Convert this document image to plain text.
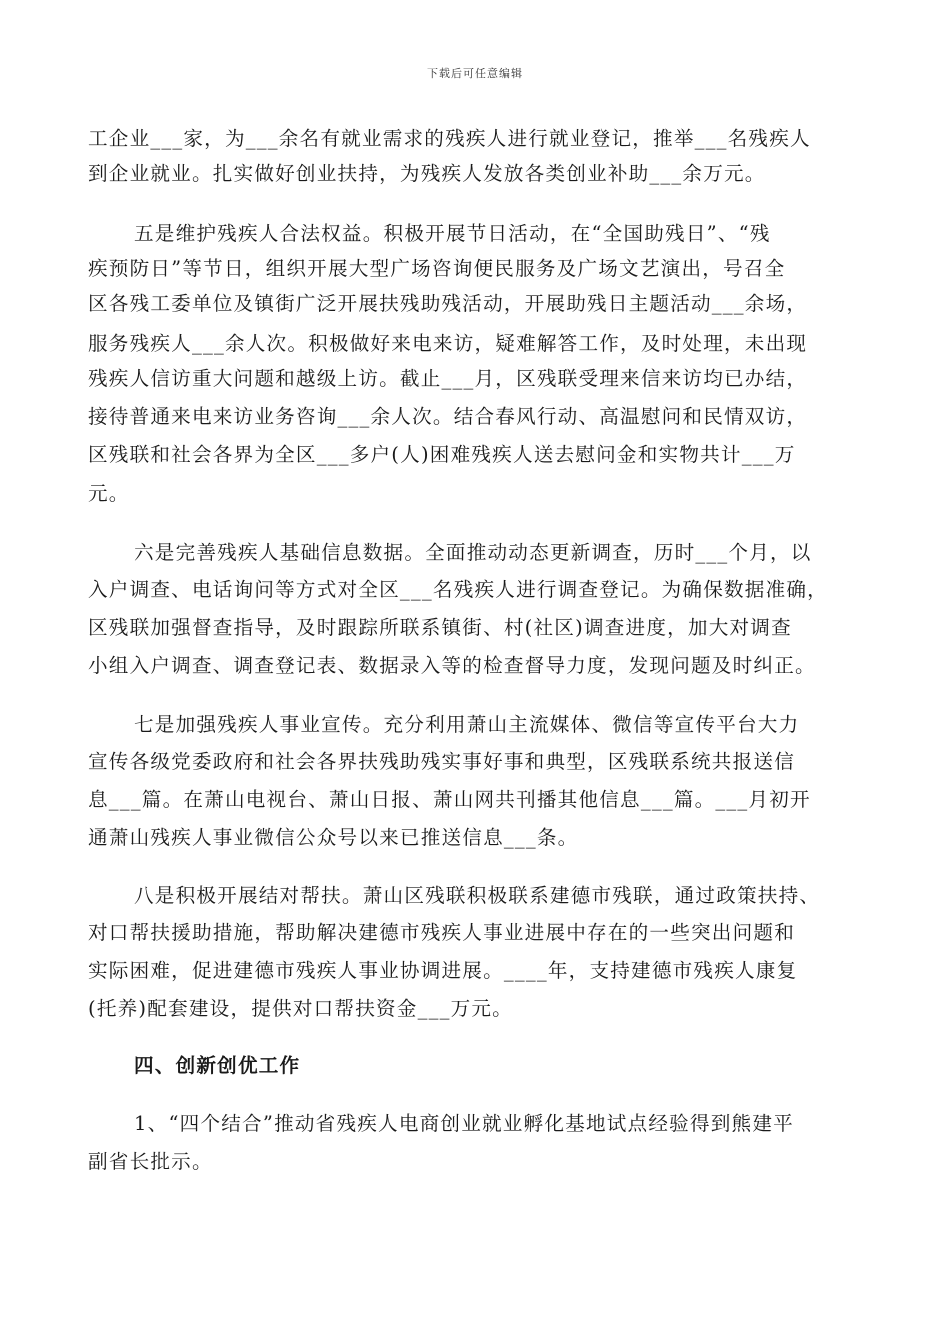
下载后可任意编辑
工企业___家，为___余名有就业需求的残疾人进行就业登记，推举___名残疾人
到企业就业。扎实做好创业扶持，为残疾人发放各类创业补助___余万元。
五是维护残疾人合法权益。积极开展节日活动，在“全国助残日”、“残
疾预防日”等节日，组织开展大型广场咨询便民服务及广场文艺演出，号召全
区各残工委单位及镇街广泛开展扶残助残活动，开展助残日主题活动___余场，
服务残疾人___余人次。积极做好来电来访，疑难解答工作，及时处理，未出现
残疾人信访重大问题和越级上访。截止___月，区残联受理来信来访均已办结，
接待普通来电来访业务咨询___余人次。结合春风行动、高温慰问和民情双访，
区残联和社会各界为全区___多户(人)困难残疾人送去慰问金和实物共计___万
元。
六是完善残疾人基础信息数据。全面推动动态更新调查，历时___个月，以
入户调查、电话询问等方式对全区___名残疾人进行调查登记。为确保数据准确，
区残联加强督查指导，及时跟踪所联系镇街、村(社区)调查进度，加大对调查
小组入户调查、调查登记表、数据录入等的检查督导力度，发现问题及时纠正。
七是加强残疾人事业宣传。充分利用萧山主流媒体、微信等宣传平台大力
宣传各级党委政府和社会各界扶残助残实事好事和典型，区残联系统共报送信
息___篇。在萧山电视台、萧山日报、萧山网共刊播其他信息___篇。___月初开
通萧山残疾人事业微信公众号以来已推送信息___条。
八是积极开展结对帮扶。萧山区残联积极联系建德市残联，通过政策扶持、
对口帮扶援助措施，帮助解决建德市残疾人事业进展中存在的一些突出问题和
实际困难，促进建德市残疾人事业协调进展。____年，支持建德市残疾人康复
(托养)配套建设，提供对口帮扶资金___万元。
四、创新创优工作
1、“四个结合”推动省残疾人电商创业就业孵化基地试点经验得到熊建平
副省长批示。
